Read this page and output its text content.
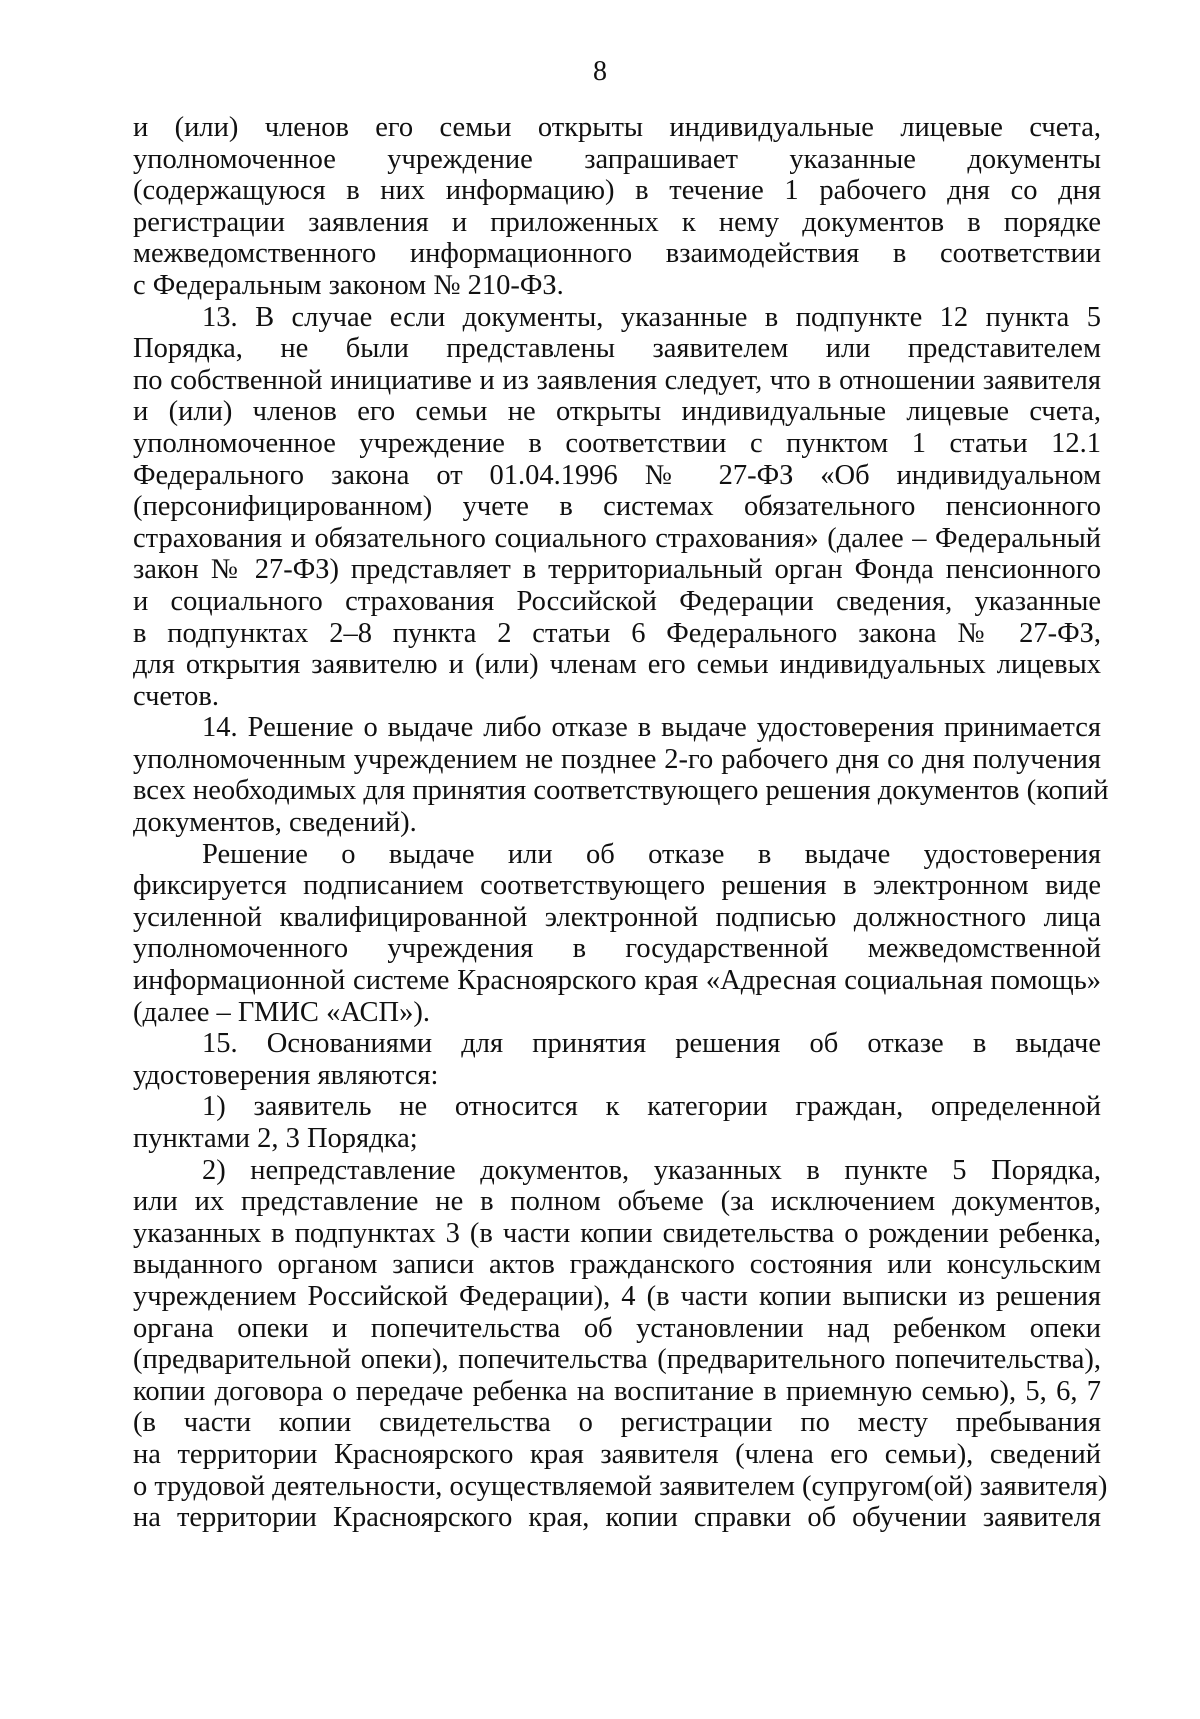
8
и (или) членов его семьи открыты индивидуальные лицевые счета,
уполномоченное учреждение запрашивает указанные документы
(содержащуюся в них информацию) в течение 1 рабочего дня со дня
регистрации заявления и приложенных к нему документов в порядке
межведомственного информационного взаимодействия в соответствии
с Федеральным законом № 210-ФЗ.
13. В случае если документы, указанные в подпункте 12 пункта 5
Порядка, не были представлены заявителем или представителем
по собственной инициативе и из заявления следует, что в отношении заявителя
и (или) членов его семьи не открыты индивидуальные лицевые счета,
уполномоченное учреждение в соответствии с пунктом 1 статьи 12.1
Федерального закона от 01.04.1996 № 27-ФЗ «Об индивидуальном
(персонифицированном) учете в системах обязательного пенсионного
страхования и обязательного социального страхования» (далее – Федеральный
закон № 27-ФЗ) представляет в территориальный орган Фонда пенсионного
и социального страхования Российской Федерации сведения, указанные
в подпунктах 2–8 пункта 2 статьи 6 Федерального закона № 27-ФЗ,
для открытия заявителю и (или) членам его семьи индивидуальных лицевых
счетов.
14. Решение о выдаче либо отказе в выдаче удостоверения принимается
уполномоченным учреждением не позднее 2-го рабочего дня со дня получения
всех необходимых для принятия соответствующего решения документов (копий
документов, сведений).
Решение о выдаче или об отказе в выдаче удостоверения
фиксируется подписанием соответствующего решения в электронном виде
усиленной квалифицированной электронной подписью должностного лица
уполномоченного учреждения в государственной межведомственной
информационной системе Красноярского края «Адресная социальная помощь»
(далее – ГМИС «АСП»).
15. Основаниями для принятия решения об отказе в выдаче
удостоверения являются:
1) заявитель не относится к категории граждан, определенной
пунктами 2, 3 Порядка;
2) непредставление документов, указанных в пункте 5 Порядка,
или их представление не в полном объеме (за исключением документов,
указанных в подпунктах 3 (в части копии свидетельства о рождении ребенка,
выданного органом записи актов гражданского состояния или консульским
учреждением Российской Федерации), 4 (в части копии выписки из решения
органа опеки и попечительства об установлении над ребенком опеки
(предварительной опеки), попечительства (предварительного попечительства),
копии договора о передаче ребенка на воспитание в приемную семью), 5, 6, 7
(в части копии свидетельства о регистрации по месту пребывания
на территории Красноярского края заявителя (члена его семьи), сведений
о трудовой деятельности, осуществляемой заявителем (супругом(ой) заявителя)
на территории Красноярского края, копии справки об обучении заявителя
